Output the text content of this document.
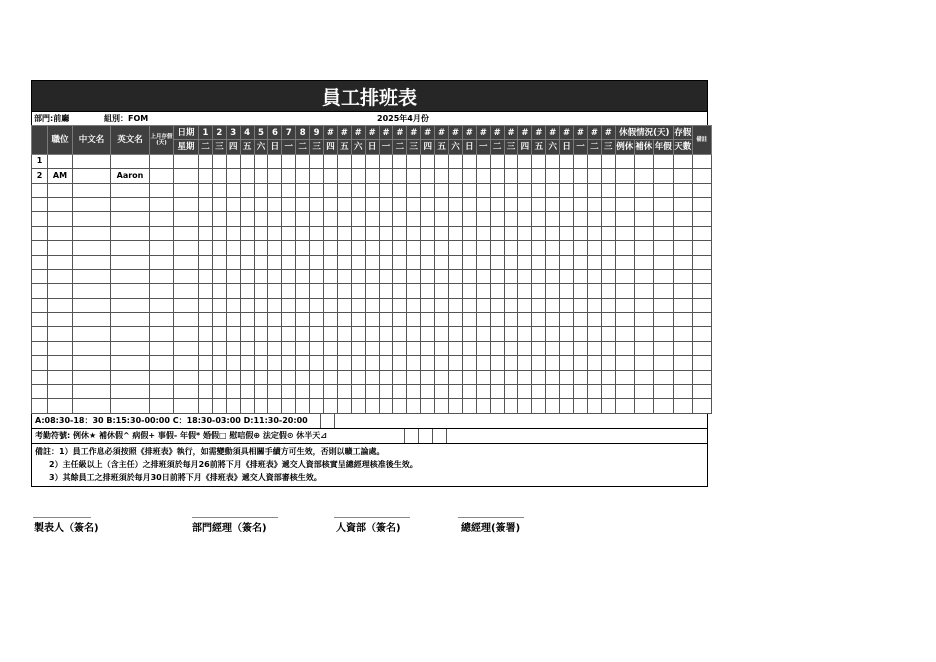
員工排班表
部門:前廳	組別：FOM	2025年4月份
	職位	中文名	英文名	上月存假(天)	日期	1	2	3	4	5	6	7	8	9	#	#	#	#	#	#	#	#	#	#	#	#	#	#	#	#	#	#	#	#	#	休假情況(天)			存假	備註
					星期	二	三	四	五	六	日	一	二	三	四	五	六	日	一	二	三	四	五	六	日	一	二	三	四	五	六	日	一	二	三	例休	補休	年假	天數	
1																																								
2	AM		Aaron																																					

A:08:30-18：30 B:15:30-00:00 C：18:30-03:00 D:11:30-20:00
考勤符號: 例休★ 補休假^ 病假+ 事假- 年假* 婚假□ 慰唁假⊕ 法定假⊙ 休半天⊿
備註：1）員工作息必須按照《排班表》執行，如需變動須具相關手續方可生效，否則以曠工論處。
2）主任級以上（含主任）之排班須於每月26前將下月《排班表》遞交人資部核實呈總經理核准後生效。
3）其餘員工之排班須於每月30日前將下月《排班表》遞交人資部審核生效。
製表人（簽名)	部門經理（簽名)	人資部（簽名)	總經理(簽署)
